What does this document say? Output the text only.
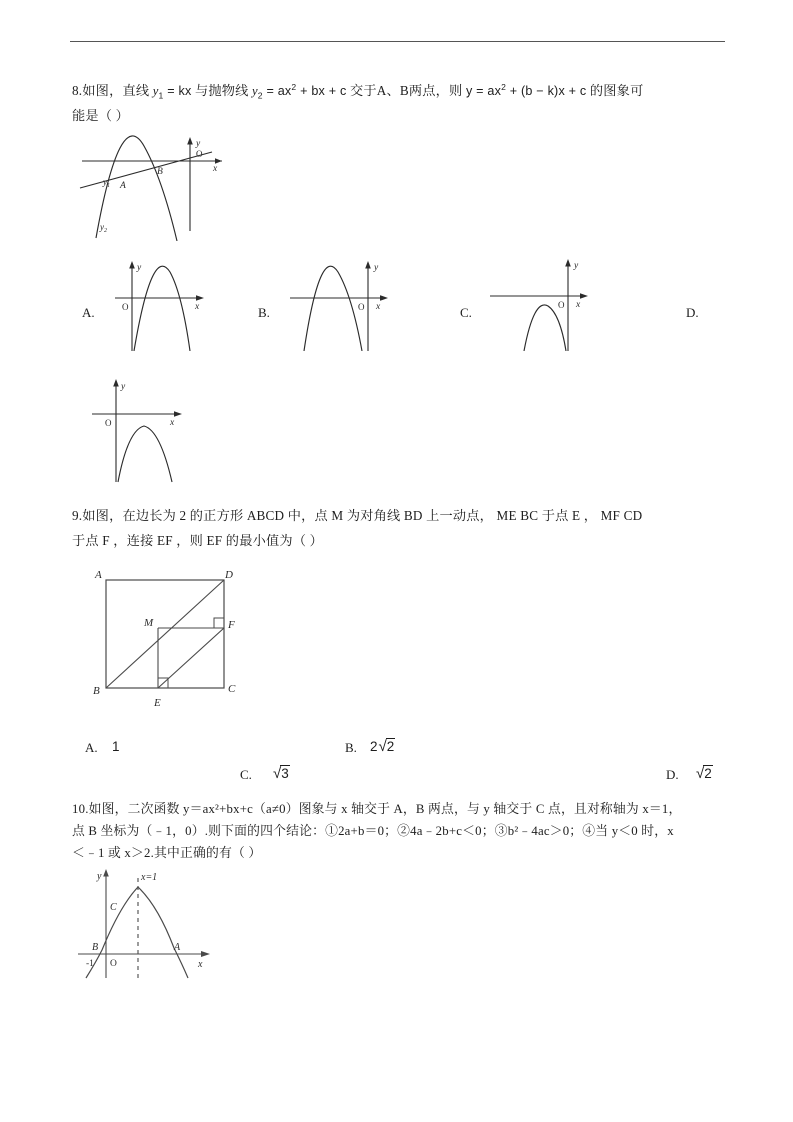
8.如图，直线 $y_1$ = kx 与抛物线 $y_2 = ax^2$ + bx + c 交于A、B两点，则 $y = ax^2 + (b - k)x + c$ 的图象可
能是（ ）
O
x
y
$y_1$ A
B
$y_2$
A.	B.	C.	D.
O	x
y
O x
y
O x
y
O	x
y
9.如图，在边长为 2 的正方形 ABCD 中，点 M 为对角线 BD 上一动点， ME BC 于点 E ， MF CD
于点 F ，连接 EF ，则 EF 的最小值为（ ）
A	D
B	C
M	F
E
A. 1	B. 2√2
C. √3	D. √2
10.如图，二次函数 y＝ax²+bx+c（a≠0）图象与 x 轴交于 A，B 两点，与 y 轴交于 C 点，且对称轴为 x＝1，
点 B 坐标为（﹣1，0）.则下面的四个结论：①2a+b＝0；②4a﹣2b+c＜0；③b²﹣4ac＞0；④当 y＜0 时，x
＜﹣1 或 x＞2.其中正确的有（ ）
O	x
y	x=1
B
-1
C
A
